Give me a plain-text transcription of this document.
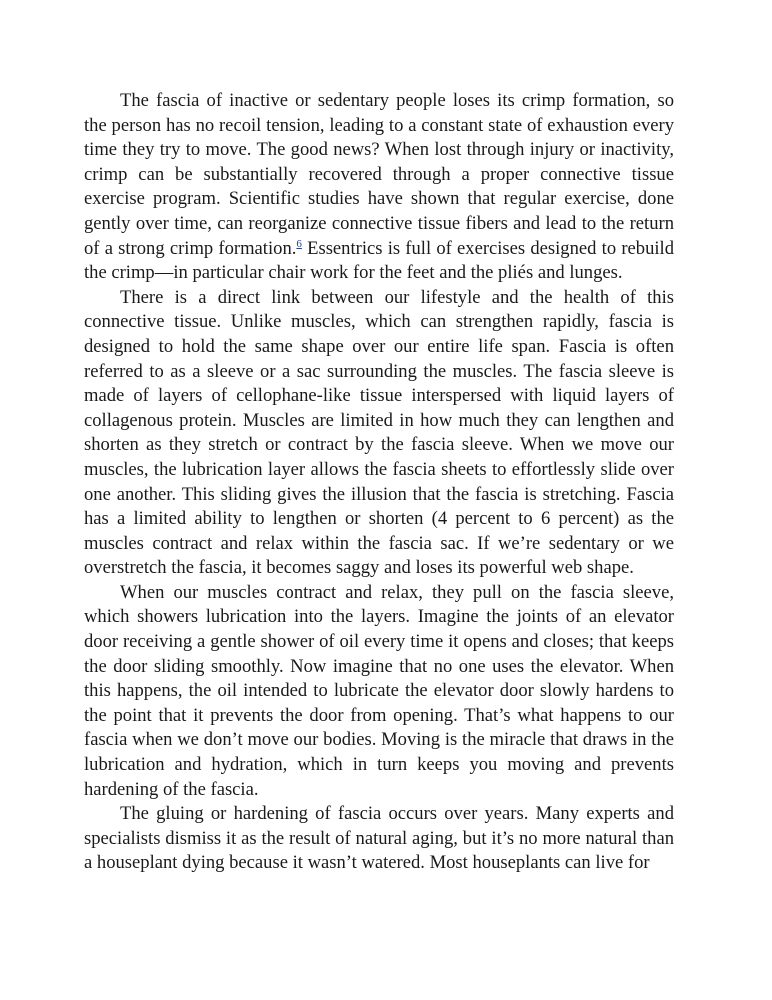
The fascia of inactive or sedentary people loses its crimp formation, so the person has no recoil tension, leading to a constant state of exhaustion every time they try to move. The good news? When lost through injury or inactivity, crimp can be substantially recovered through a proper connective tissue exercise program. Scientific studies have shown that regular exercise, done gently over time, can reorganize connective tissue fibers and lead to the return of a strong crimp formation.$^6$ Essentrics is full of exercises designed to rebuild the crimp—in particular chair work for the feet and the pliés and lunges.

There is a direct link between our lifestyle and the health of this connective tissue. Unlike muscles, which can strengthen rapidly, fascia is designed to hold the same shape over our entire life span. Fascia is often referred to as a sleeve or a sac surrounding the muscles. The fascia sleeve is made of layers of cellophane-like tissue interspersed with liquid layers of collagenous protein. Muscles are limited in how much they can lengthen and shorten as they stretch or contract by the fascia sleeve. When we move our muscles, the lubrication layer allows the fascia sheets to effortlessly slide over one another. This sliding gives the illusion that the fascia is stretching. Fascia has a limited ability to lengthen or shorten (4 percent to 6 percent) as the muscles contract and relax within the fascia sac. If we’re sedentary or we overstretch the fascia, it becomes saggy and loses its powerful web shape.

When our muscles contract and relax, they pull on the fascia sleeve, which showers lubrication into the layers. Imagine the joints of an elevator door receiving a gentle shower of oil every time it opens and closes; that keeps the door sliding smoothly. Now imagine that no one uses the elevator. When this happens, the oil intended to lubricate the elevator door slowly hardens to the point that it prevents the door from opening. That’s what happens to our fascia when we don’t move our bodies. Moving is the miracle that draws in the lubrication and hydration, which in turn keeps you moving and prevents hardening of the fascia.

The gluing or hardening of fascia occurs over years. Many experts and specialists dismiss it as the result of natural aging, but it’s no more natural than a houseplant dying because it wasn’t watered. Most houseplants can live for
